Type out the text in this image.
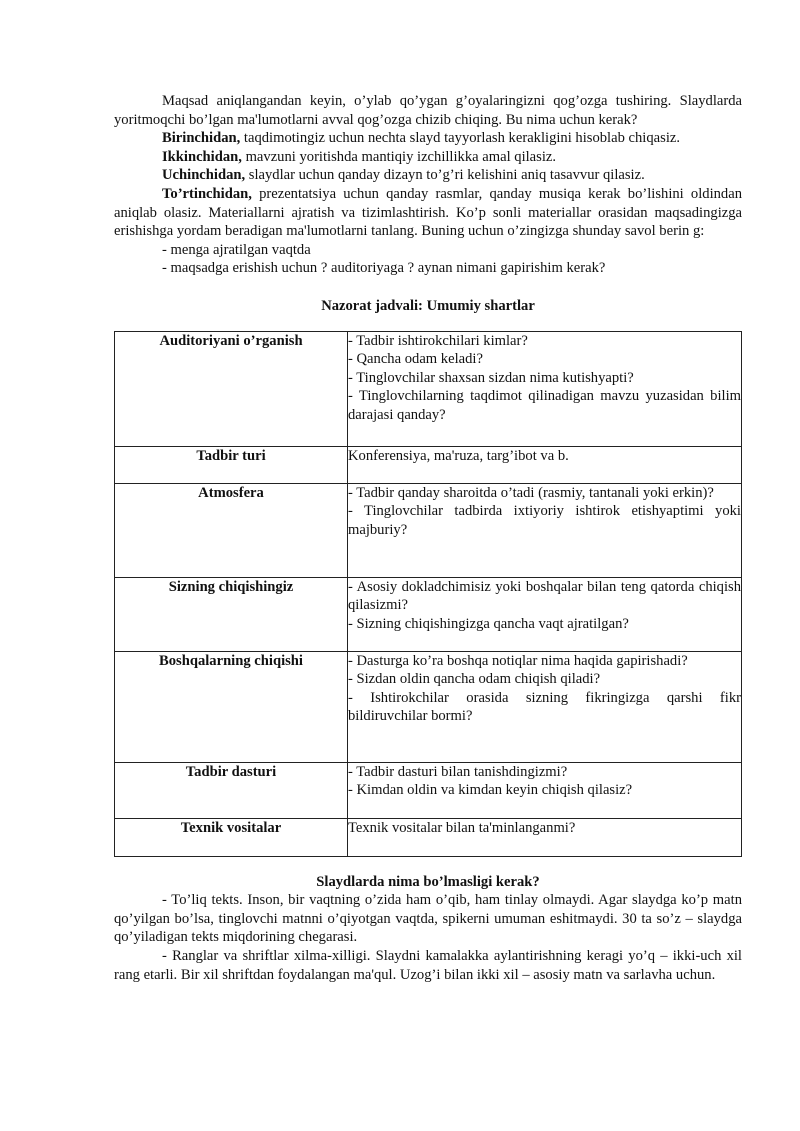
Maqsad aniqlangandan keyin, o’ylab qo’ygan g’oyalaringizni qog’ozga tushiring. Slaydlarda yoritmoqchi bo’lgan ma'lumotlarni avval qog’ozga chizib chiqing. Bu nima uchun kerak?

Birinchidan, taqdimotingiz uchun nechta slayd tayyorlash kerakligini hisoblab chiqasiz.

Ikkinchidan, mavzuni yoritishda mantiqiy izchillikka amal qilasiz.

Uchinchidan, slaydlar uchun qanday dizayn to’g’ri kelishini aniq tasavvur qilasiz.

To’rtinchidan, prezentatsiya uchun qanday rasmlar, qanday musiqa kerak bo’lishini oldindan aniqlab olasiz. Materiallarni ajratish va tizimlashtirish. Ko’p sonli materiallar orasidan maqsadingizga erishishga yordam beradigan ma'lumotlarni tanlang. Buning uchun o’zingizga shunday savol berin g:

- menga ajratilgan vaqtda

- maqsadga erishish uchun ? auditoriyaga ? aynan nimani gapirishim kerak?

Nazorat jadvali: Umumiy shartlar

Auditoriyani o’rganish	- Tadbir ishtirokchilari kimlar?
- Qancha odam keladi?
- Tinglovchilar shaxsan sizdan nima kutishyapti?
- Tinglovchilarning taqdimot qilinadigan mavzu yuzasidan bilim darajasi qanday?

Tadbir turi	Konferensiya, ma'ruza, targ’ibot va b.

Atmosfera	- Tadbir qanday sharoitda o’tadi (rasmiy, tantanali yoki erkin)?
- Tinglovchilar tadbirda ixtiyoriy ishtirok etishyaptimi yoki majburiy?

Sizning chiqishingiz	- Asosiy dokladchimisiz yoki boshqalar bilan teng qatorda chiqish qilasizmi?
- Sizning chiqishingizga qancha vaqt ajratilgan?

Boshqalarning chiqishi	- Dasturga ko’ra boshqa notiqlar nima haqida gapirishadi?
- Sizdan oldin qancha odam chiqish qiladi?
- Ishtirokchilar orasida sizning fikringizga qarshi fikr bildiruvchilar bormi?

Tadbir dasturi	- Tadbir dasturi bilan tanishdingizmi?
- Kimdan oldin va kimdan keyin chiqish qilasiz?

Texnik vositalar	Texnik vositalar bilan ta'minlanganmi?

Slaydlarda nima bo’lmasligi kerak?

- To’liq tekts. Inson, bir vaqtning o’zida ham o’qib, ham tinlay olmaydi. Agar slaydga ko’p matn qo’yilgan bo’lsa, tinglovchi matnni o’qiyotgan vaqtda, spikerni umuman eshitmaydi. 30 ta so’z – slaydga qo’yiladigan tekts miqdorining chegarasi.

- Ranglar va shriftlar xilma-xilligi. Slaydni kamalakka aylantirishning keragi yo’q – ikki-uch xil rang etarli. Bir xil shriftdan foydalangan ma'qul. Uzog’i bilan ikki xil – asosiy matn va sarlavha uchun.
